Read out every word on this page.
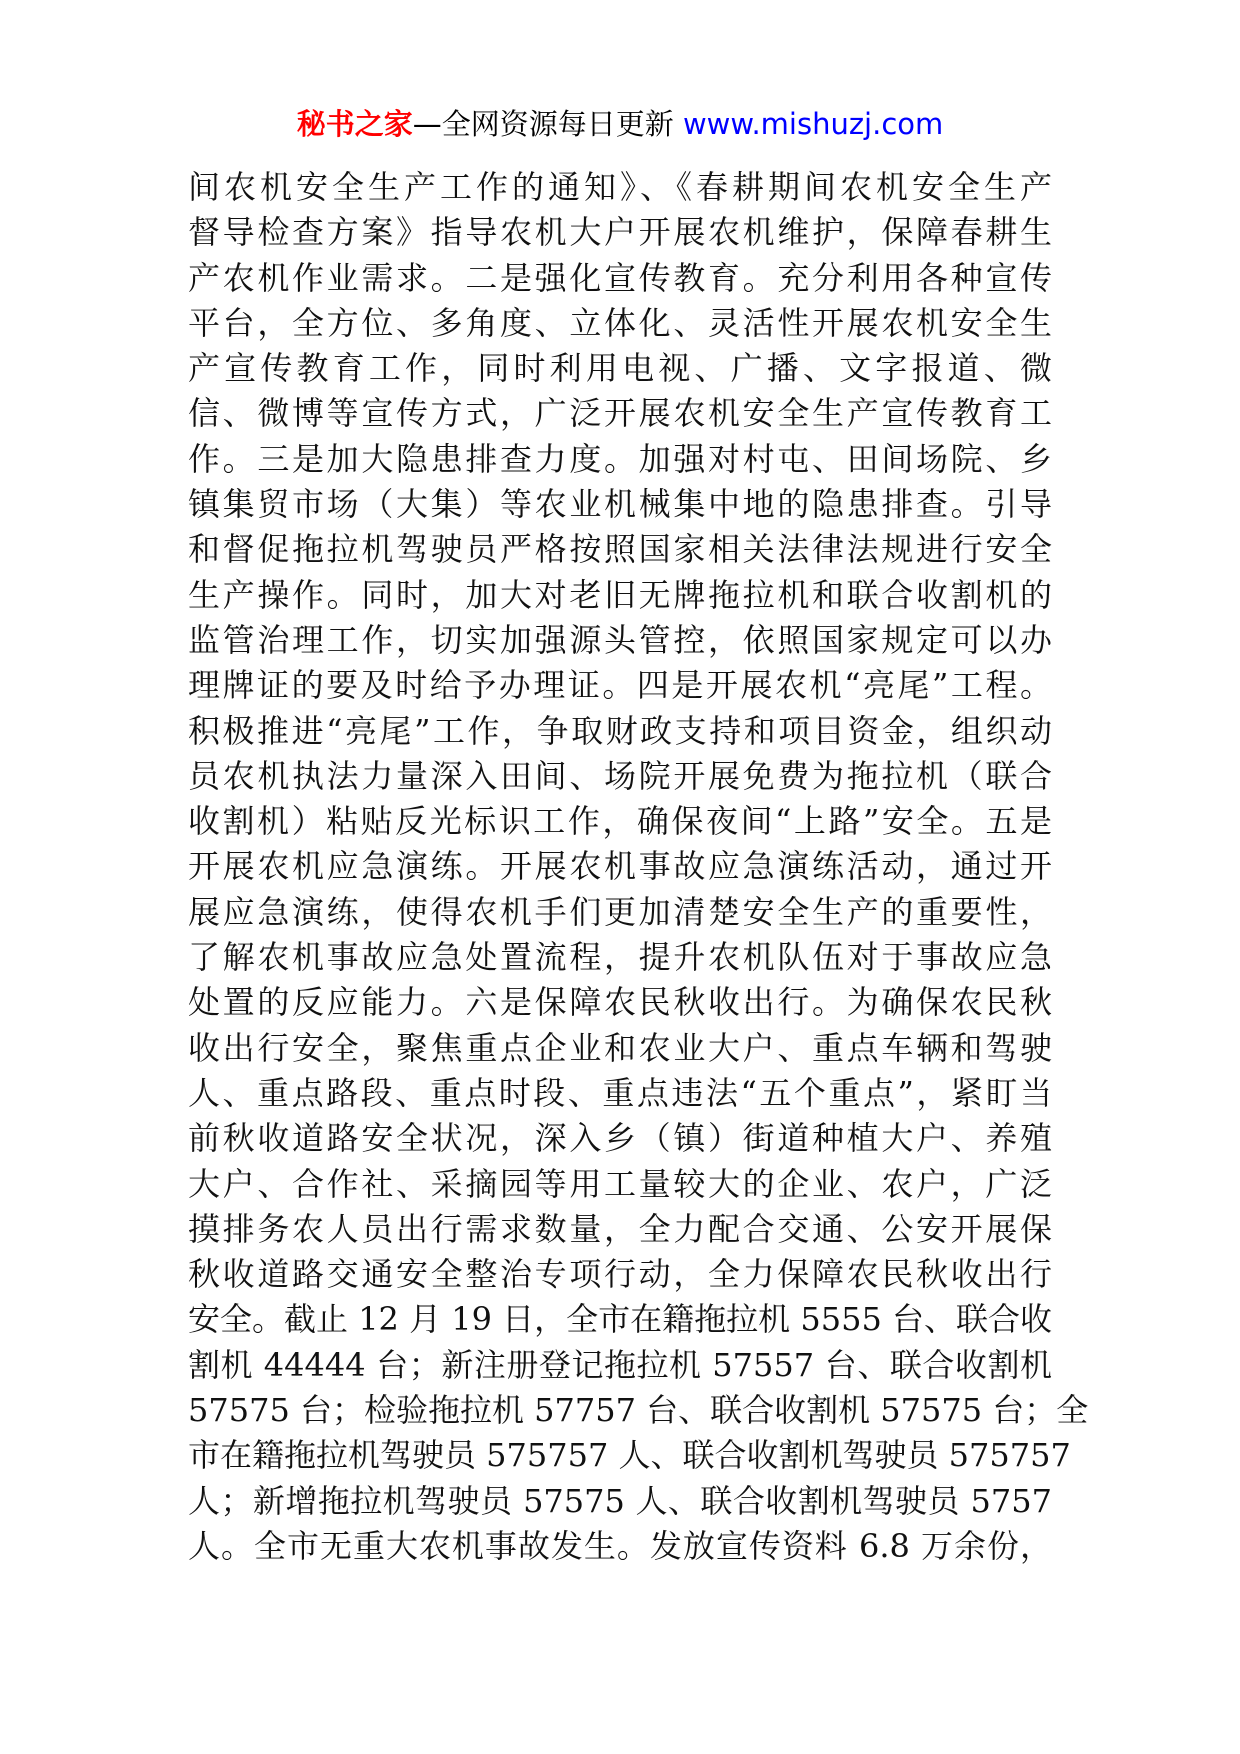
秘书之家—全网资源每日更新 www.mishuzj.com
间农机安全生产工作的通知》、《春耕期间农机安全生产
督导检查方案》指导农机大户开展农机维护，保障春耕生
产农机作业需求。二是强化宣传教育。充分利用各种宣传
平台，全方位、多角度、立体化、灵活性开展农机安全生
产宣传教育工作，同时利用电视、广播、文字报道、微
信、微博等宣传方式，广泛开展农机安全生产宣传教育工
作。三是加大隐患排查力度。加强对村屯、田间场院、乡
镇集贸市场（大集）等农业机械集中地的隐患排查。引导
和督促拖拉机驾驶员严格按照国家相关法律法规进行安全
生产操作。同时，加大对老旧无牌拖拉机和联合收割机的
监管治理工作，切实加强源头管控，依照国家规定可以办
理牌证的要及时给予办理证。四是开展农机“亮尾”工程。
积极推进“亮尾”工作，争取财政支持和项目资金，组织动
员农机执法力量深入田间、场院开展免费为拖拉机（联合
收割机）粘贴反光标识工作，确保夜间“上路”安全。五是
开展农机应急演练。开展农机事故应急演练活动，通过开
展应急演练，使得农机手们更加清楚安全生产的重要性，
了解农机事故应急处置流程，提升农机队伍对于事故应急
处置的反应能力。六是保障农民秋收出行。为确保农民秋
收出行安全，聚焦重点企业和农业大户、重点车辆和驾驶
人、重点路段、重点时段、重点违法“五个重点”，紧盯当
前秋收道路安全状况，深入乡（镇）街道种植大户、养殖
大户、合作社、采摘园等用工量较大的企业、农户，广泛
摸排务农人员出行需求数量，全力配合交通、公安开展保
秋收道路交通安全整治专项行动，全力保障农民秋收出行
安全。截止 12 月 19 日，全市在籍拖拉机 5555 台、联合收
割机 44444 台；新注册登记拖拉机 57557 台、联合收割机
57575 台；检验拖拉机 57757 台、联合收割机 57575 台；全
市在籍拖拉机驾驶员 575757 人、联合收割机驾驶员 575757
人；新增拖拉机驾驶员 57575 人、联合收割机驾驶员 5757
人。全市无重大农机事故发生。发放宣传资料 6.8 万余份，
